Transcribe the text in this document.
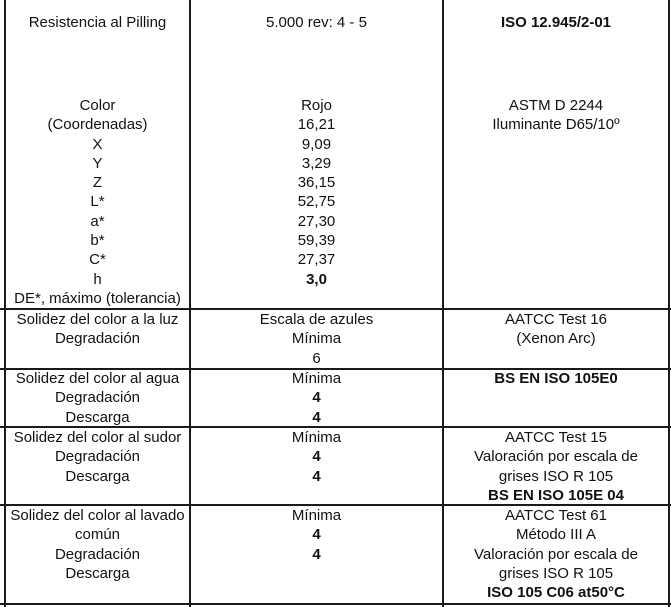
Resistencia al Pilling	5.000 rev: 4 - 5	ISO 12.945/2-01
Color
(Coordenadas)
X
Y
Z
L*
a*
b*
C*
h
DE*, máximo (tolerancia)
Rojo
16,21
9,09
3,29
36,15
52,75
27,30
59,39
27,37
3,0
ASTM D 2244
Iluminante D65/10º
Solidez del color a la luz
Degradación
Escala de azules
Mínima
6
AATCC Test 16
(Xenon Arc)
Solidez del color al agua
Degradación
Descarga
Mínima
4
4
BS EN ISO 105E0
Solidez del color al sudor
Degradación
Descarga
Mínima
4
4
AATCC Test 15
Valoración por escala de
grises ISO R 105
BS EN ISO 105E 04
Solidez del color al lavado
común
Degradación
Descarga
Mínima
4
4
AATCC Test 61
Método III A
Valoración por escala de
grises ISO R 105
ISO 105 C06 at50°C
